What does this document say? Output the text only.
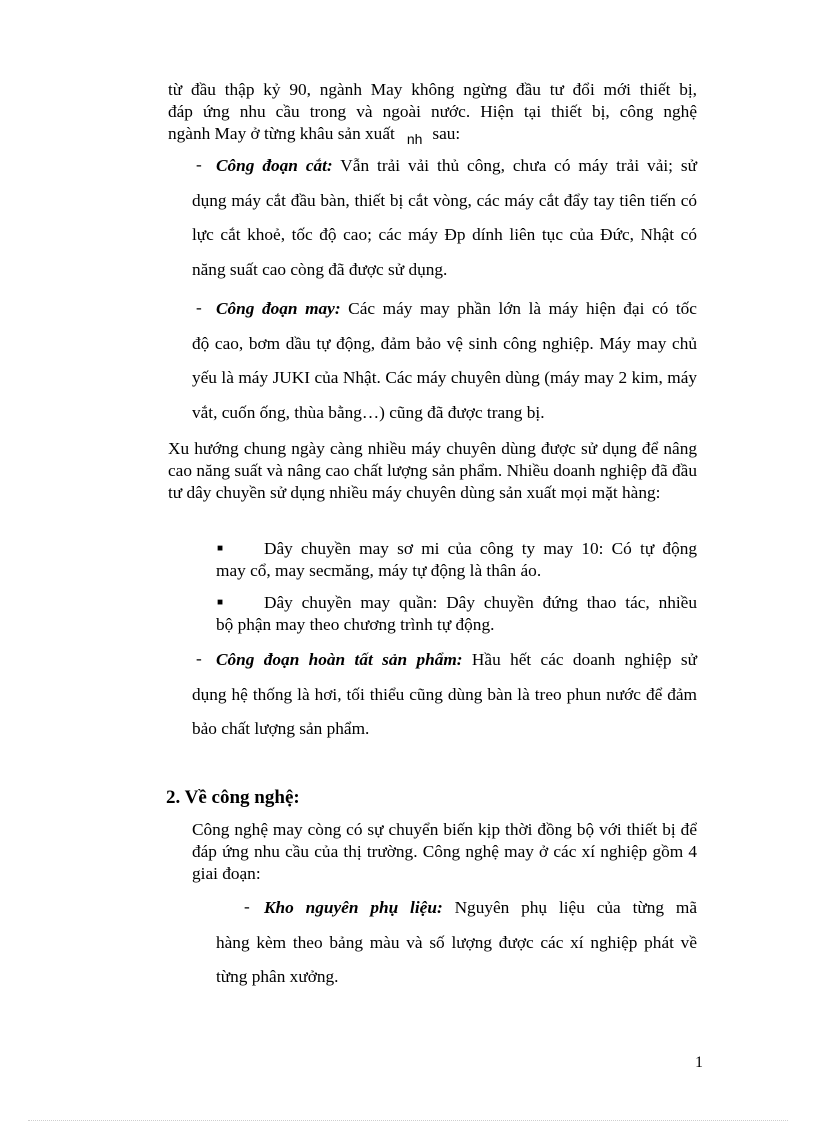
từ đầu thập kỷ 90, ngành May không ngừng đầu tư đổi mới thiết bị,
đáp ứng nhu cầu trong và ngoài nước. Hiện tại thiết bị, công nghệ
ngành May ở từng khâu sản xuất $_{nh}$ sau:
- Công đoạn cắt: Vẫn trải vải thủ công, chưa có máy trải vải; sử
dụng máy cắt đầu bàn, thiết bị cắt vòng, các máy cắt đẩy tay tiên tiến có lực cắt khoẻ, tốc độ cao; các máy Đp dính liên tục của Đức, Nhật có năng suất cao còng đã được sử dụng.
- Công đoạn may: Các máy may phần lớn là máy hiện đại có tốc
độ cao, bơm dầu tự động, đảm bảo vệ sinh công nghiệp. Máy may chủ yếu là máy JUKI của Nhật. Các máy chuyên dùng (máy may 2 kim, máy vắt, cuốn ống, thùa bằng…) cũng đã được trang bị.
Xu hướng chung ngày càng nhiều máy chuyên dùng được sử dụng để nâng cao năng suất và nâng cao chất lượng sản phẩm. Nhiều doanh nghiệp đã đầu tư dây chuyền sử dụng nhiều máy chuyên dùng sản xuất mọi mặt hàng:
■	Dây chuyền may sơ mi của công ty may 10: Có tự động
may cổ, may secmăng, máy tự động là thân áo.
■	Dây chuyền may quần: Dây chuyền đứng thao tác, nhiều
bộ phận may theo chương trình tự động.
- Công đoạn hoàn tất sản phẩm: Hầu hết các doanh nghiệp sử
dụng hệ thống là hơi, tối thiểu cũng dùng bàn là treo phun nước để đảm bảo chất lượng sản phẩm.
2. Về công nghệ:
Công nghệ may còng có sự chuyển biến kịp thời đồng bộ với thiết bị để đáp ứng nhu cầu của thị trường. Công nghệ may ở các xí nghiệp gồm 4 giai đoạn:
- Kho nguyên phụ liệu: Nguyên phụ liệu của từng mã
hàng kèm theo bảng màu và số lượng được các xí nghiệp phát về từng phân xưởng.
1
